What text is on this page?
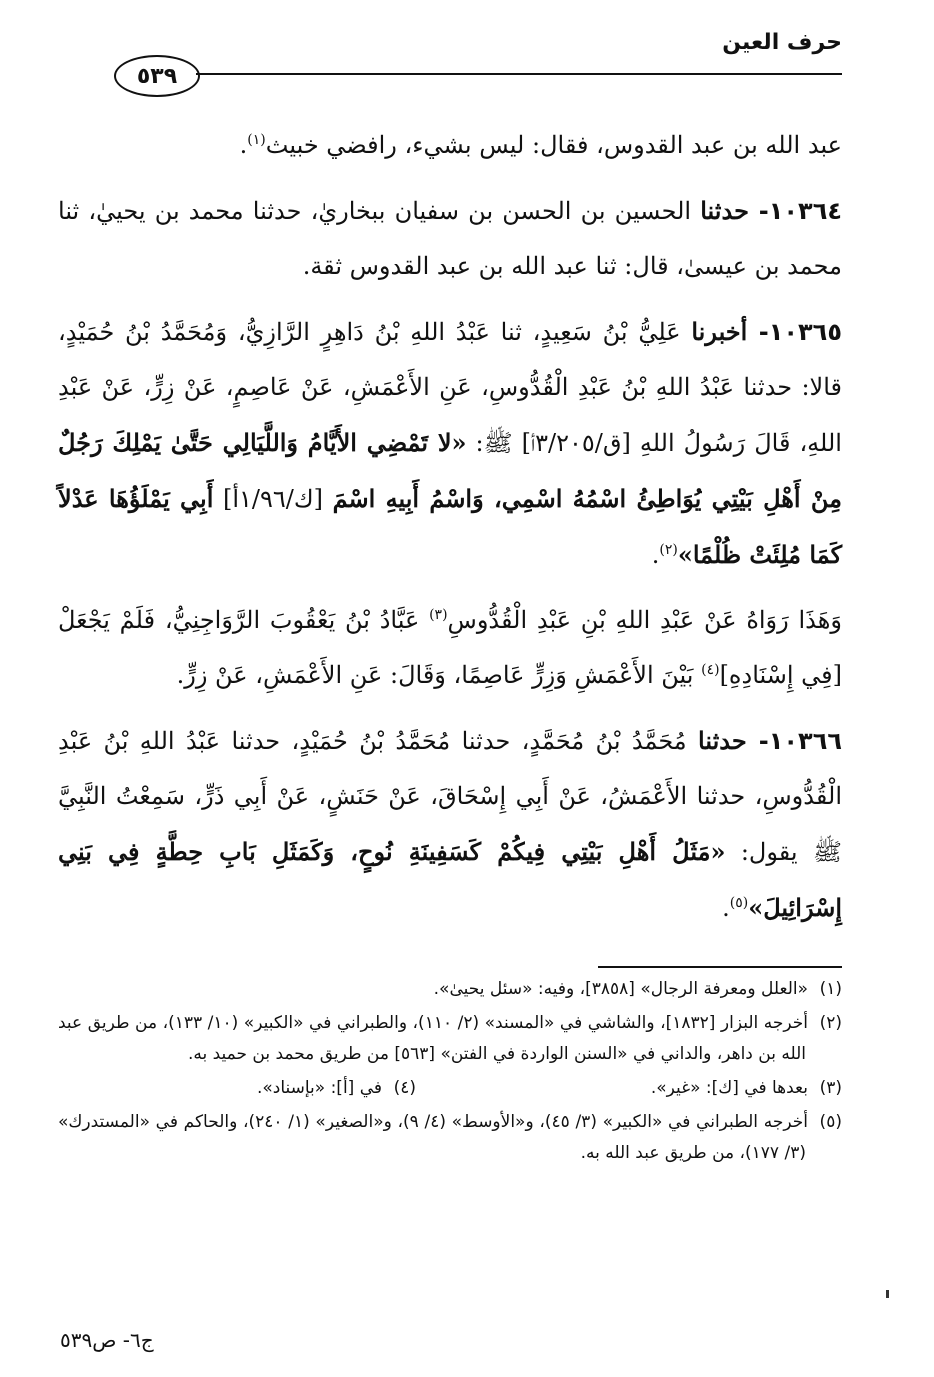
حرف العين
٥٣٩

عبد الله بن عبد القدوس، فقال: ليس بشيء، رافضي خبيث$^{(١)}$.

١٠٣٦٤- حدثنا الحسين بن الحسن بن سفيان ببخاريٰ، حدثنا محمد بن يحييٰ، ثنا محمد بن عيسىٰ، قال: ثنا عبد الله بن عبد القدوس ثقة.

١٠٣٦٥- أخبرنا عَلِيُّ بْنُ سَعِيدٍ، ثنا عَبْدُ اللهِ بْنُ دَاهِرٍ الرَّازِيُّ، وَمُحَمَّدُ بْنُ حُمَيْدٍ، قالا: حدثنا عَبْدُ اللهِ بْنُ عَبْدِ الْقُدُّوسِ، عَنِ الأَعْمَشِ، عَنْ عَاصِمٍ، عَنْ زِرٍّ، عَنْ عَبْدِ اللهِ، قَالَ رَسُولُ اللهِ [ق/٣/٢٠٥أ] ﷺ: «لا تَمْضِي الأَيَّامُ وَاللَّيَالِي حَتَّىٰ يَمْلِكَ رَجُلٌ مِنْ أَهْلِ بَيْتِي يُوَاطِئُ اسْمُهُ اسْمِي، وَاسْمُ أَبِيهِ اسْمَ [ك/١/٩٦أ] أَبِي يَمْلَؤُهَا عَدْلاً كَمَا مُلِئَتْ ظُلْمًا»$^{(٢)}$.

وَهَذَا رَوَاهُ عَنْ عَبْدِ اللهِ بْنِ عَبْدِ الْقُدُّوسِ$^{(٣)}$ عَبَّادُ بْنُ يَعْقُوبَ الرَّوَاجِنِيُّ، فَلَمْ يَجْعَلْ [فِي إِسْنَادِهِ]$^{(٤)}$ بَيْنَ الأَعْمَشِ وَزِرٍّ عَاصِمًا، وَقَالَ: عَنِ الأَعْمَشِ، عَنْ زِرٍّ.

١٠٣٦٦- حدثنا مُحَمَّدُ بْنُ مُحَمَّدٍ، حدثنا مُحَمَّدُ بْنُ حُمَيْدٍ، حدثنا عَبْدُ اللهِ بْنُ عَبْدِ الْقُدُّوسِ، حدثنا الأَعْمَشُ، عَنْ أَبِي إِسْحَاقَ، عَنْ حَنَشٍ، عَنْ أَبِي ذَرٍّ، سَمِعْتُ النَّبِيَّ ﷺ يقول: «مَثَلُ أَهْلِ بَيْتِي فِيكُمْ كَسَفِينَةِ نُوحٍ، وَكَمَثَلِ بَابِ حِطَّةٍ فِي بَنِي إِسْرَائِيلَ»$^{(٥)}$.

(١)«العلل ومعرفة الرجال» [٣٨٥٨]، وفيه: «سئل يحيىٰ».
(٢)أخرجه البزار [١٨٣٢]، والشاشي في «المسند» (٢/ ١١٠)، والطبراني في «الكبير» (١٠/ ١٣٣)، من طريق عبد الله بن داهر، والداني في «السنن الواردة في الفتن» [٥٦٣] من طريق محمد بن حميد به.
(٣)بعدها في [ك]: «غير».
(٤)في [أ]: «بإسناد».
(٥)أخرجه الطبراني في «الكبير» (٣/ ٤٥)، و«الأوسط» (٤/ ٩)، و«الصغير» (١/ ٢٤٠)، والحاكم في «المستدرك» (٣/ ١٧٧)، من طريق عبد الله به.
ج٦- ص٥٣٩
